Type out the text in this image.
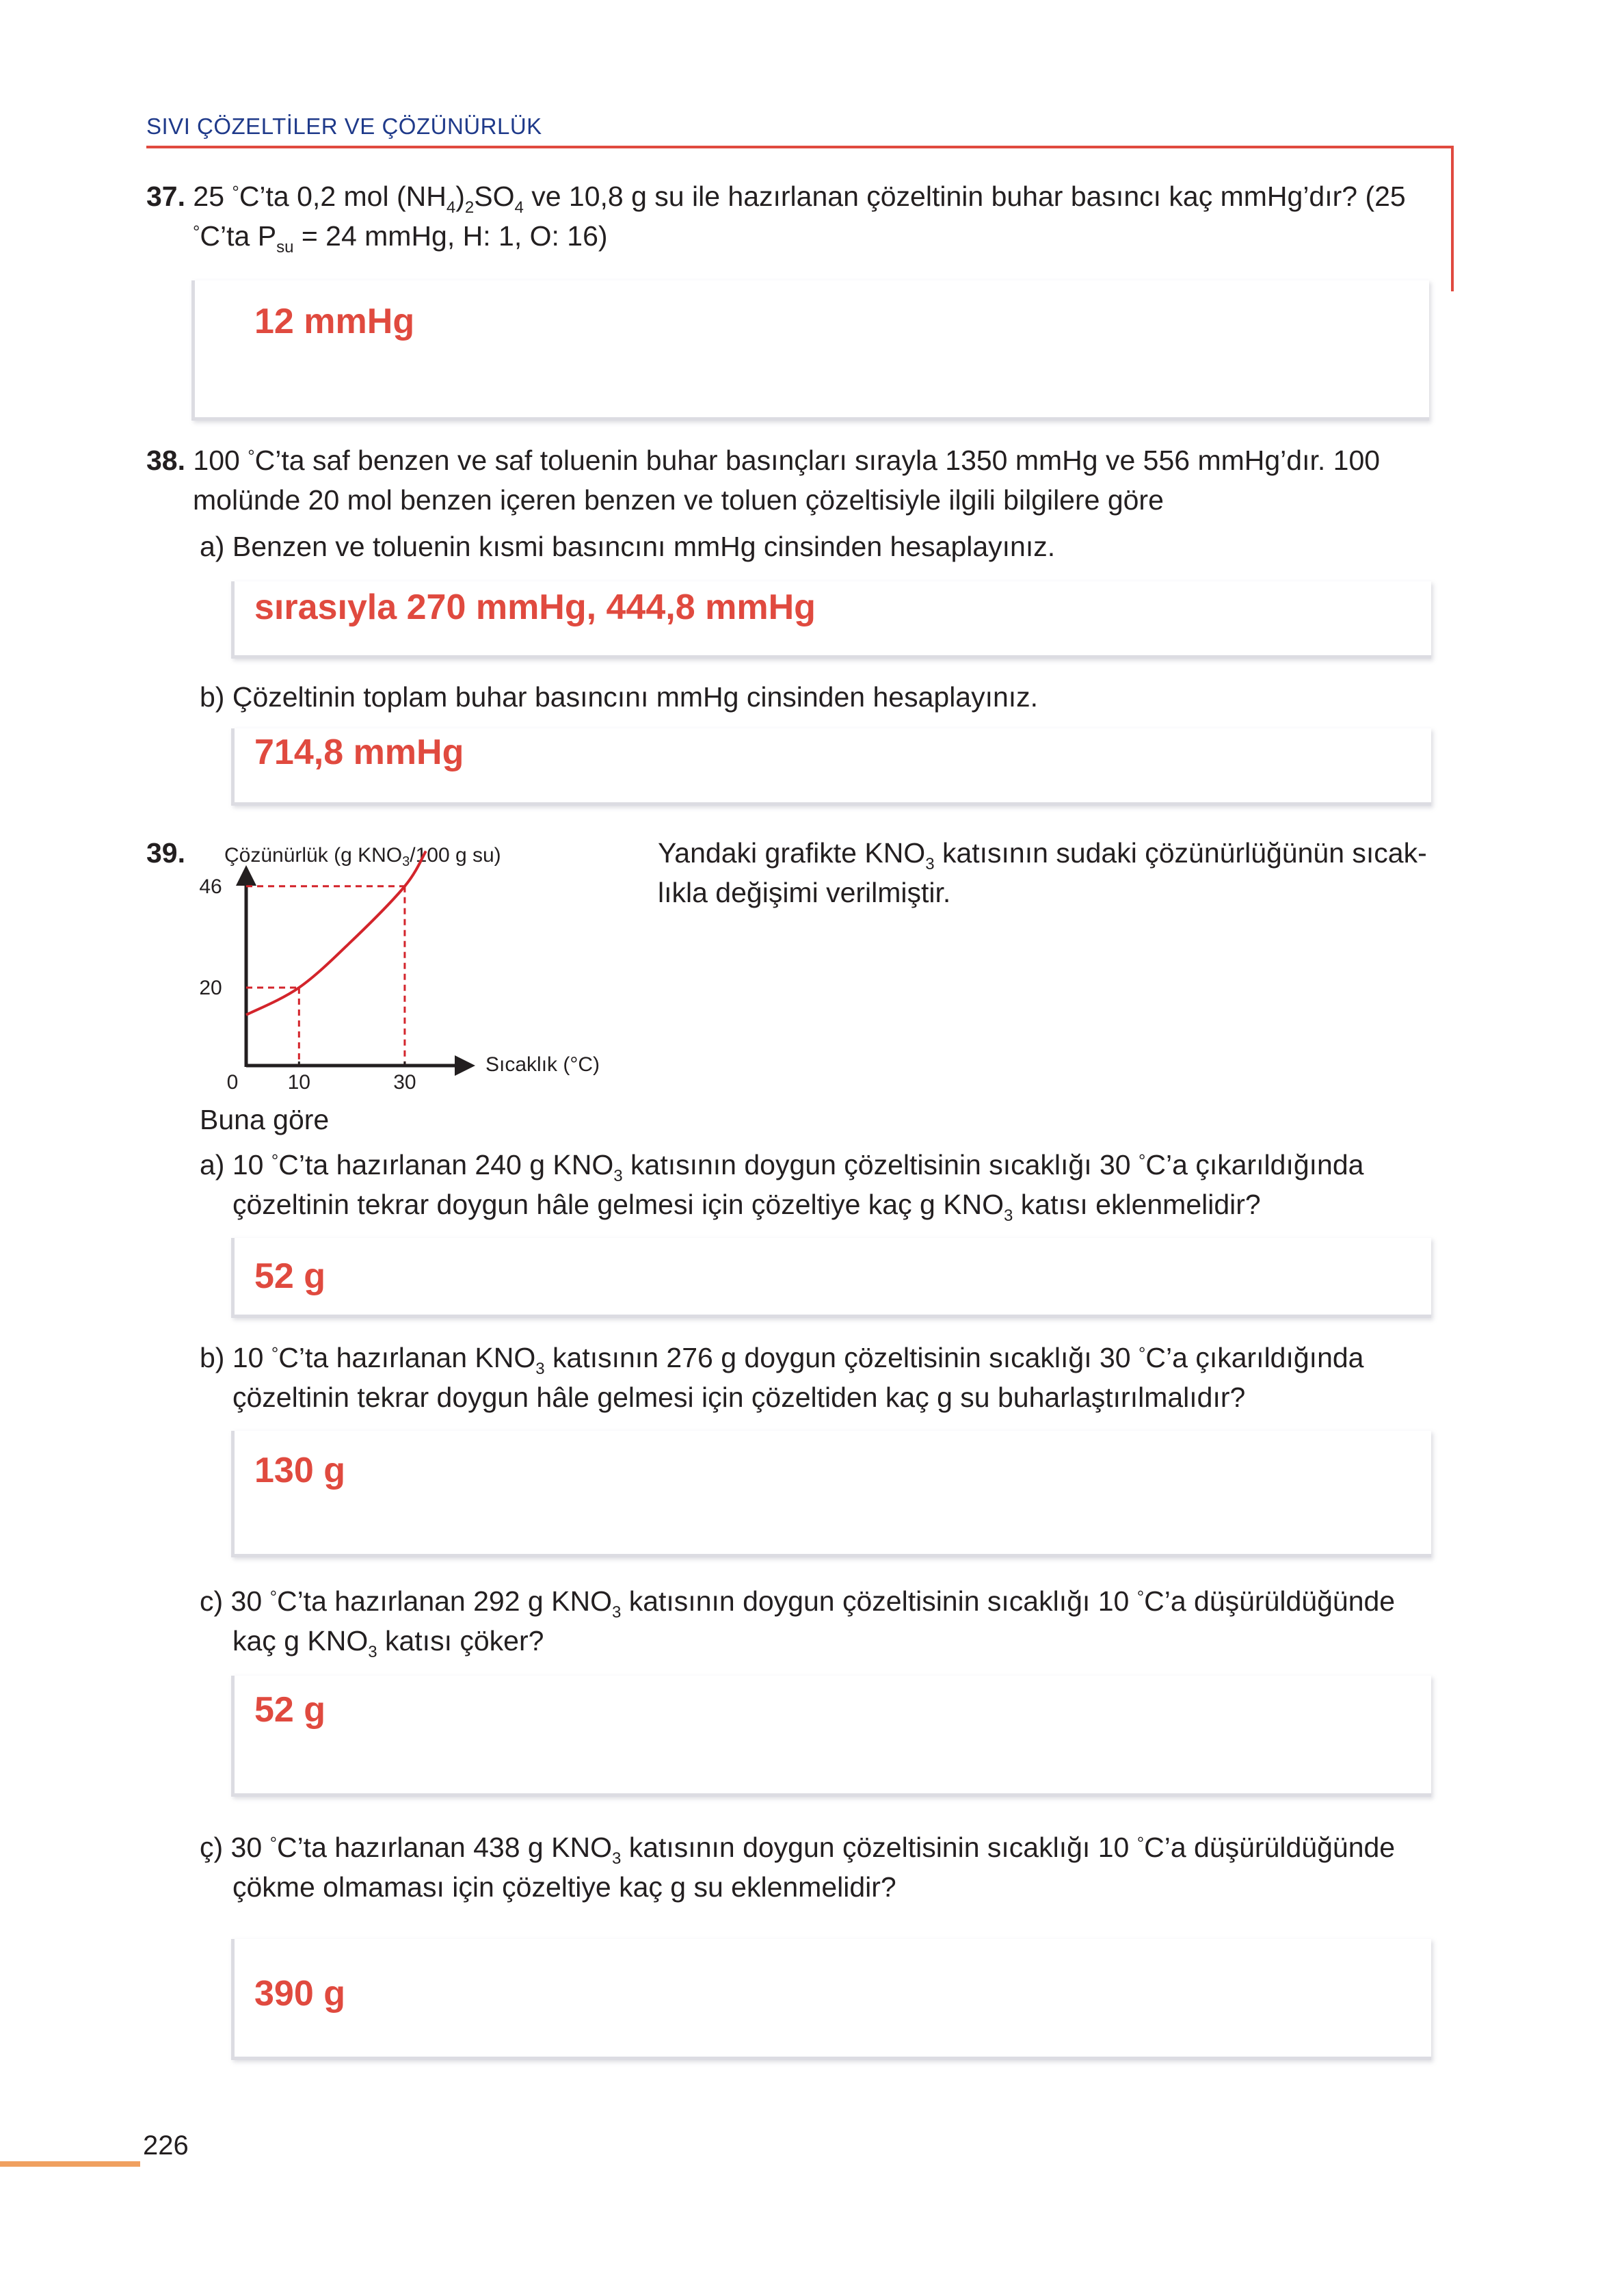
SIVI ÇÖZELTİLER VE ÇÖZÜNÜRLÜK
37. 25 °C’ta 0,2 mol $(NH_4)_2SO_4$ ve 10,8 g su ile hazırlanan çözeltinin buhar basıncı kaç mmHg’dır? (25
°C’ta $P_{su} = 24$ mmHg, H: 1, O: 16)
12 mmHg
38. 100 °C’ta saf benzen ve saf toluenin buhar basınçları sırayla 1350 mmHg ve 556 mmHg’dır. 100
molünde 20 mol benzen içeren benzen ve toluen çözeltisiyle ilgili bilgilere göre
a) Benzen ve toluenin kısmi basıncını mmHg cinsinden hesaplayınız.
sırasıyla 270 mmHg, 444,8 mmHg
b) Çözeltinin toplam buhar basıncını mmHg cinsinden hesaplayınız.
714,8 mmHg
39. Çözünürlük (g $KNO_3/100$ g su)
Sıcaklık (°C)
0 10	30
20
46
Yandaki grafikte $KNO_3$ katısının sudaki çözünürlüğünün sıcak-
lıkla değişimi verilmiştir.
Buna göre
a) 10 °C’ta hazırlanan 240 g $KNO_3$ katısının doygun çözeltisinin sıcaklığı 30 °C’a çıkarıldığında
çözeltinin tekrar doygun hâle gelmesi için çözeltiye kaç g $KNO_3$ katısı eklenmelidir?
52 g
b) 10 °C’ta hazırlanan $KNO_3$ katısının 276 g doygun çözeltisinin sıcaklığı 30 °C’a çıkarıldığında
çözeltinin tekrar doygun hâle gelmesi için çözeltiden kaç g su buharlaştırılmalıdır?
130 g
c) 30 °C’ta hazırlanan 292 g $KNO_3$ katısının doygun çözeltisinin sıcaklığı 10 °C’a düşürüldüğünde
kaç g $KNO_3$ katısı çöker?
52 g
ç) 30 °C’ta hazırlanan 438 g $KNO_3$ katısının doygun çözeltisinin sıcaklığı 10 °C’a düşürüldüğünde
çökme olmaması için çözeltiye kaç g su eklenmelidir?
390 g
226
